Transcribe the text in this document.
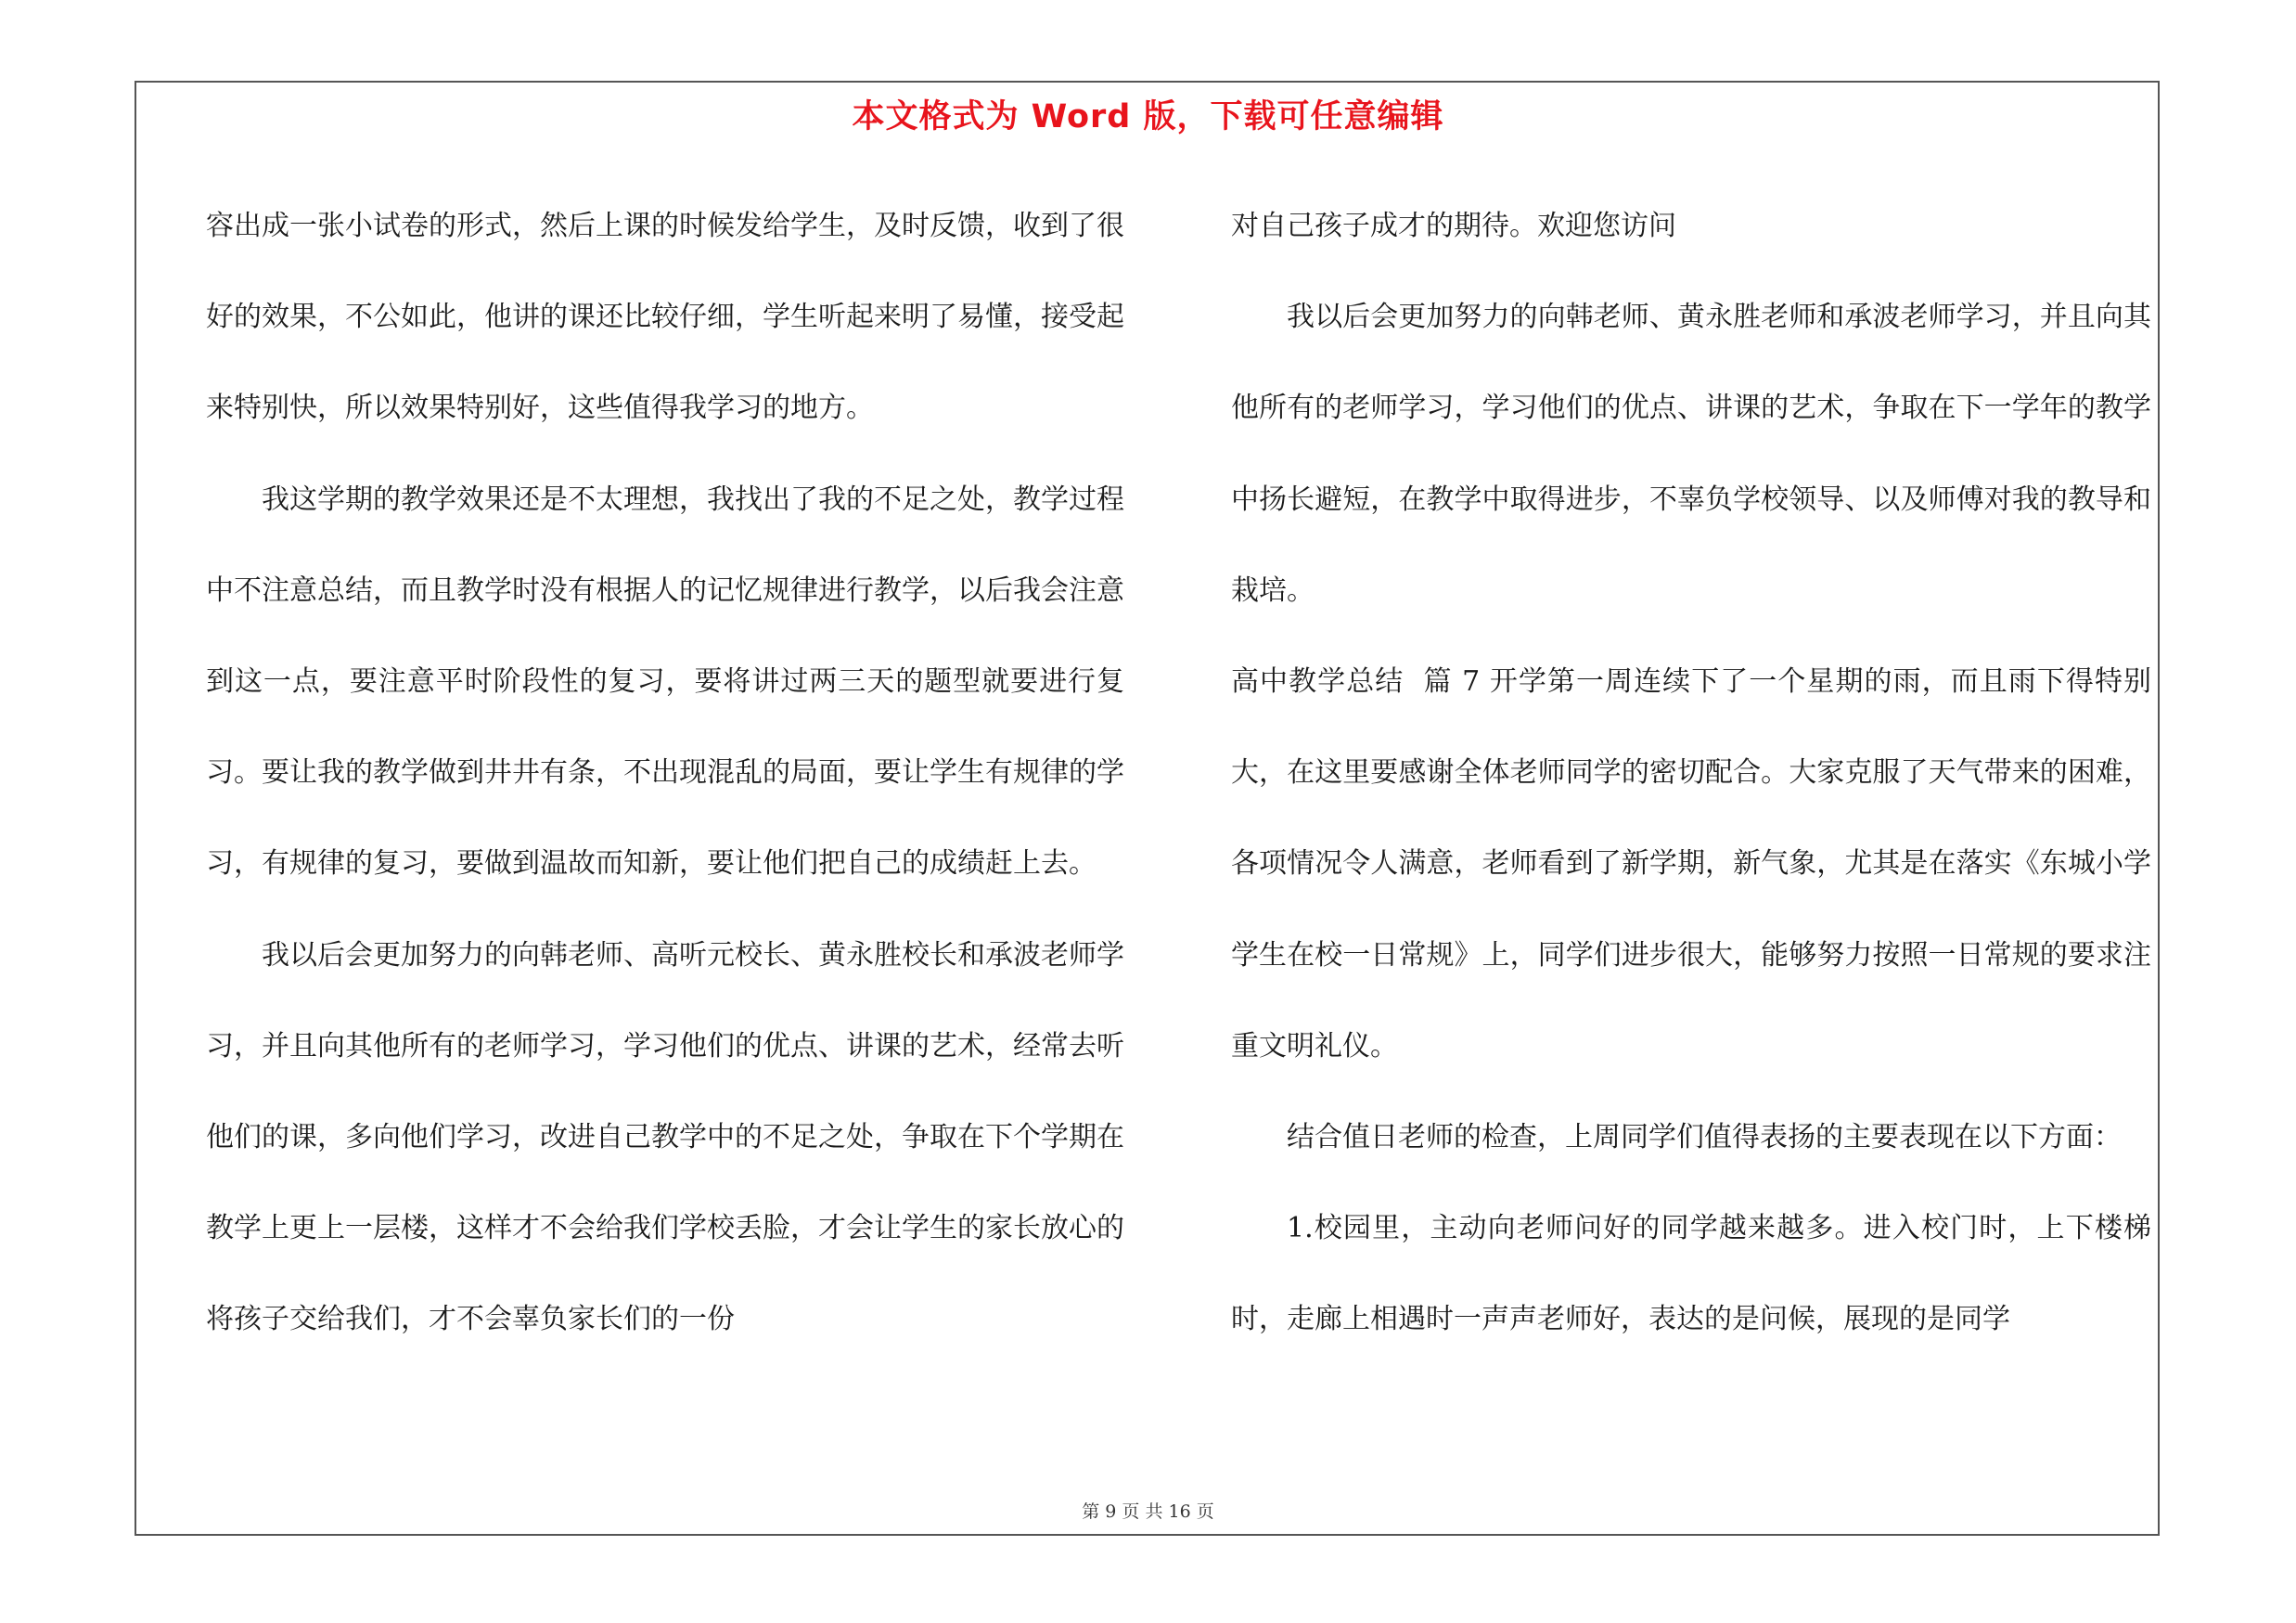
本文格式为 Word 版，下载可任意编辑

容出成一张小试卷的形式，然后上课的时候发给学生，及时反馈，收到了很好的效果，不公如此，他讲的课还比较仔细，学生听起来明了易懂，接受起来特别快，所以效果特别好，这些值得我学习的地方。

我这学期的教学效果还是不太理想，我找出了我的不足之处，教学过程中不注意总结，而且教学时没有根据人的记忆规律进行教学，以后我会注意到这一点，要注意平时阶段性的复习，要将讲过两三天的题型就要进行复习。要让我的教学做到井井有条，不出现混乱的局面，要让学生有规律的学习，有规律的复习，要做到温故而知新，要让他们把自己的成绩赶上去。

我以后会更加努力的向韩老师、高听元校长、黄永胜校长和承波老师学习，并且向其他所有的老师学习，学习他们的优点、讲课的艺术，经常去听他们的课，多向他们学习，改进自己教学中的不足之处，争取在下个学期在教学上更上一层楼，这样才不会给我们学校丢脸，才会让学生的家长放心的将孩子交给我们，才不会辜负家长们的一份

对自己孩子成才的期待。欢迎您访问

我以后会更加努力的向韩老师、黄永胜老师和承波老师学习，并且向其他所有的老师学习，学习他们的优点、讲课的艺术，争取在下一学年的教学中扬长避短，在教学中取得进步，不辜负学校领导、以及师傅对我的教导和栽培。

高中教学总结  篇 7 开学第一周连续下了一个星期的雨，而且雨下得特别大，在这里要感谢全体老师同学的密切配合。大家克服了天气带来的困难，各项情况令人满意，老师看到了新学期，新气象，尤其是在落实《东城小学学生在校一日常规》上，同学们进步很大，能够努力按照一日常规的要求注重文明礼仪。

结合值日老师的检查，上周同学们值得表扬的主要表现在以下方面：

1.校园里，主动向老师问好的同学越来越多。进入校门时，上下楼梯时，走廊上相遇时一声声老师好，表达的是问候，展现的是同学

第 9 页 共 16 页
